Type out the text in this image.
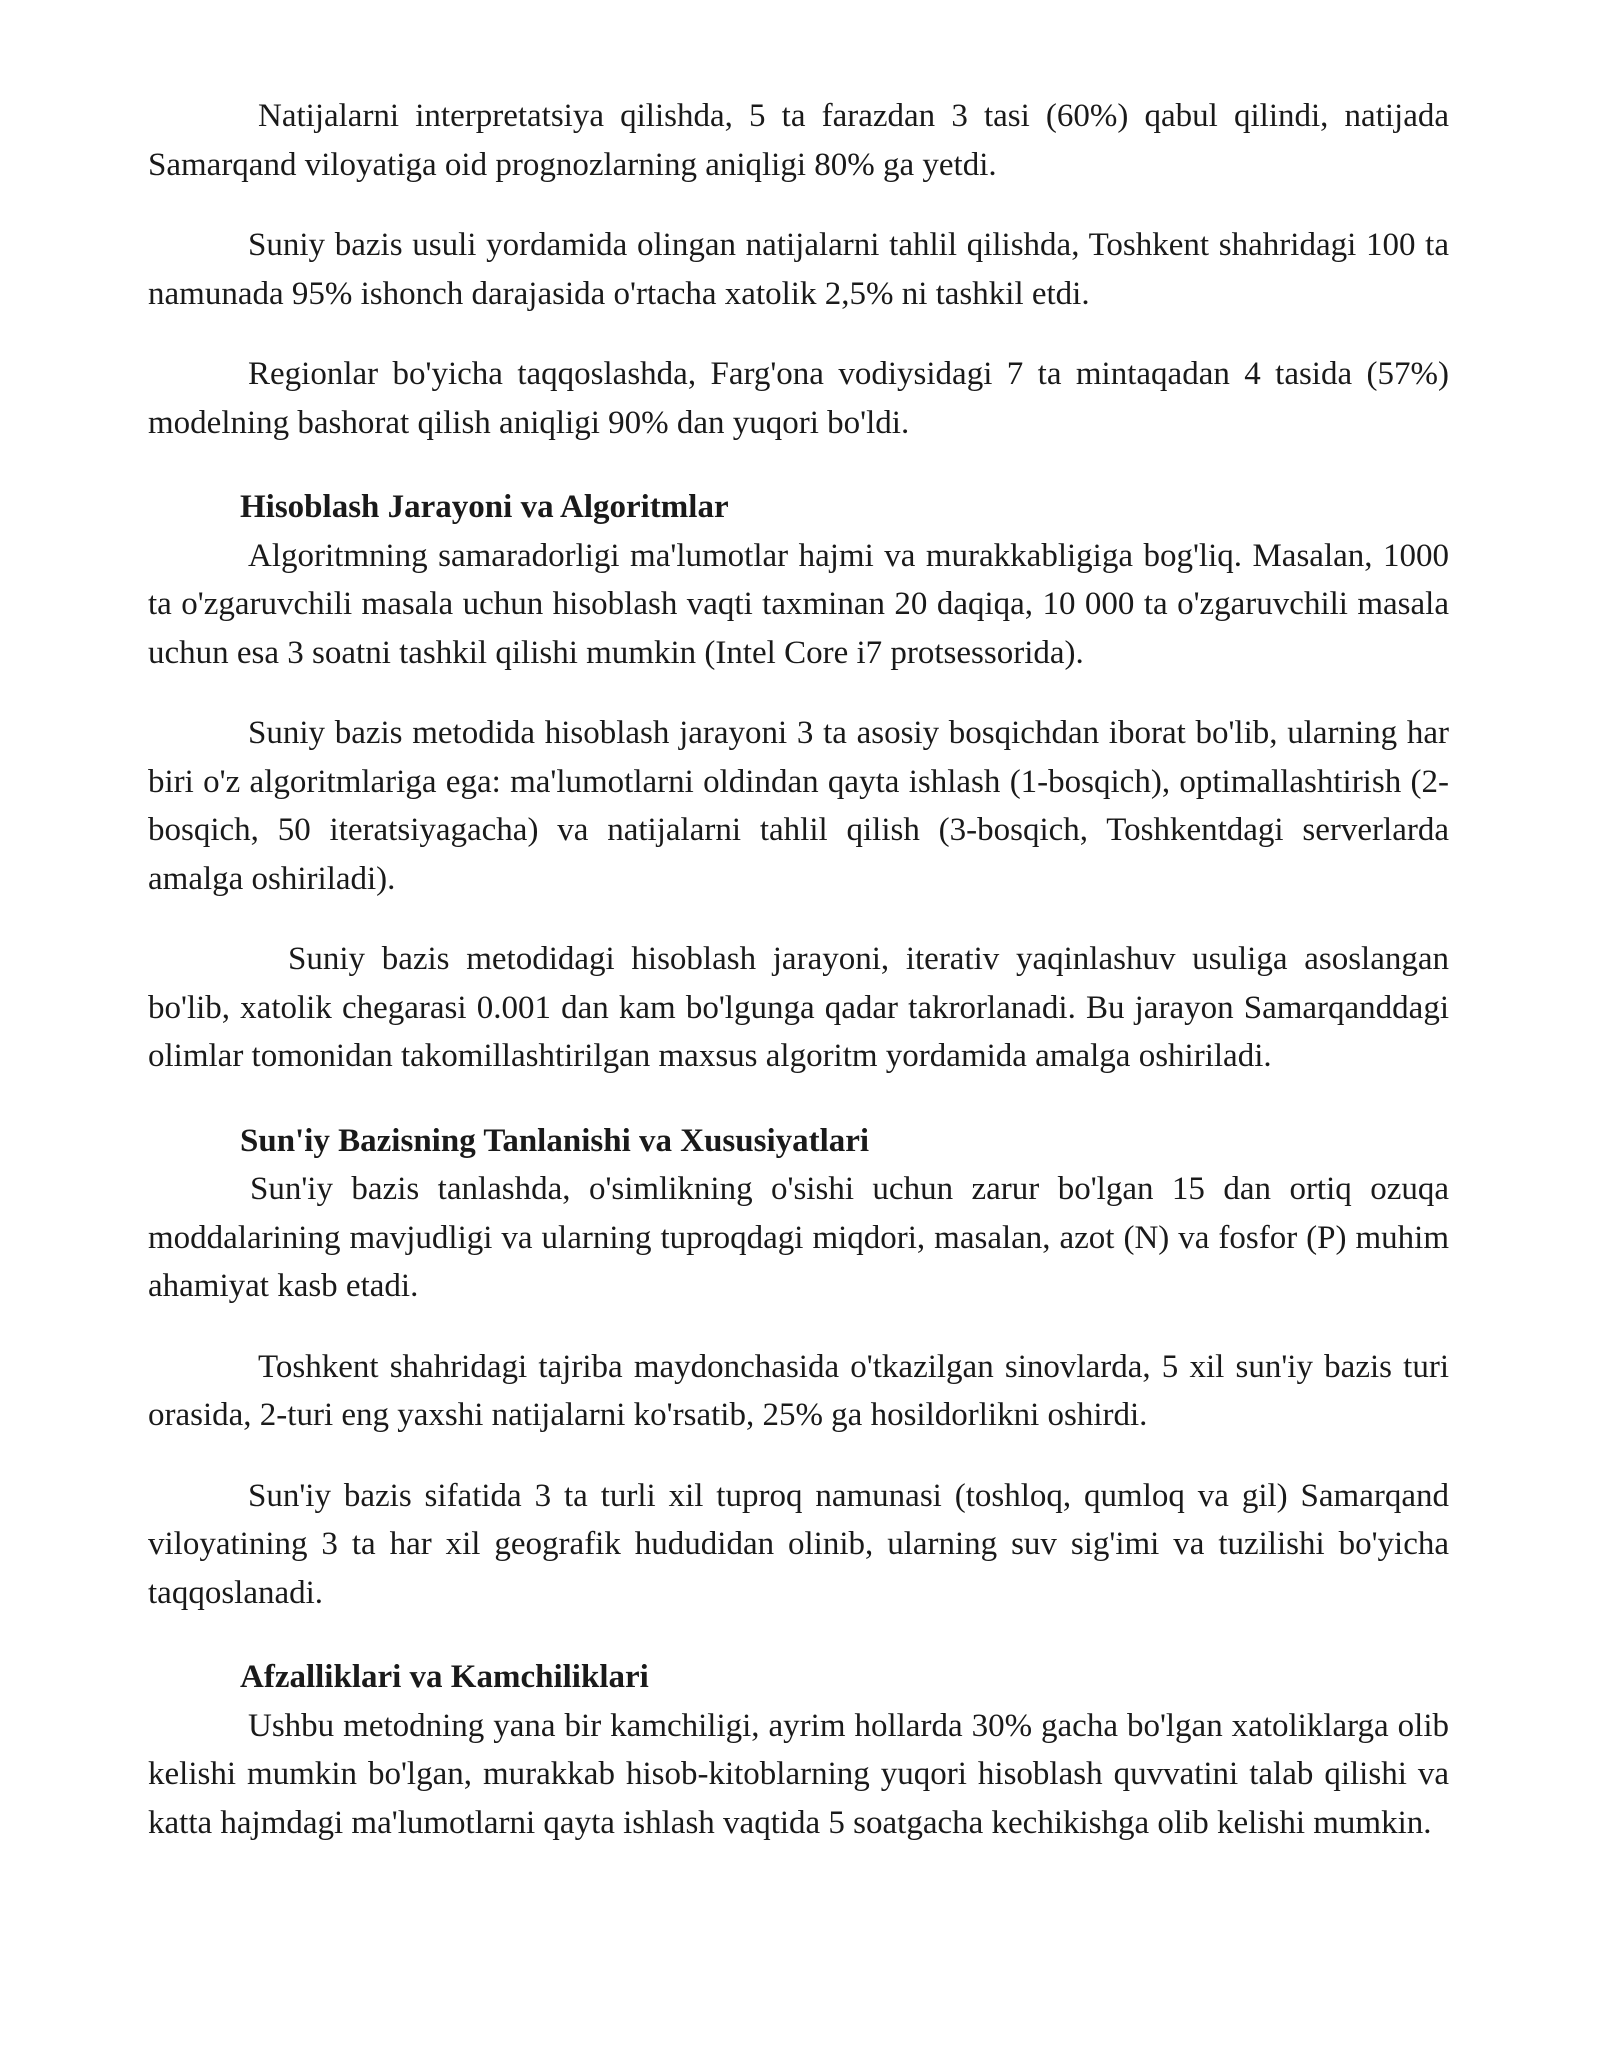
Natijalarni interpretatsiya qilishda, 5 ta farazdan 3 tasi (60%) qabul qilindi, natijada Samarqand viloyatiga oid prognozlarning aniqligi 80% ga yetdi.

Suniy bazis usuli yordamida olingan natijalarni tahlil qilishda, Toshkent shahridagi 100 ta namunada 95% ishonch darajasida o'rtacha xatolik 2,5% ni tashkil etdi.

Regionlar bo'yicha taqqoslashda, Farg'ona vodiysidagi 7 ta mintaqadan 4 tasida (57%) modelning bashorat qilish aniqligi 90% dan yuqori bo'ldi.

Hisoblash Jarayoni va Algoritmlar

Algoritmning samaradorligi ma'lumotlar hajmi va murakkabligiga bog'liq. Masalan, 1000 ta o'zgaruvchili masala uchun hisoblash vaqti taxminan 20 daqiqa, 10 000 ta o'zgaruvchili masala uchun esa 3 soatni tashkil qilishi mumkin (Intel Core i7 protsessorida).

Suniy bazis metodida hisoblash jarayoni 3 ta asosiy bosqichdan iborat bo'lib, ularning har biri o'z algoritmlariga ega: ma'lumotlarni oldindan qayta ishlash (1-bosqich), optimallashtirish (2-bosqich, 50 iteratsiyagacha) va natijalarni tahlil qilish (3-bosqich, Toshkentdagi serverlarda amalga oshiriladi).

Suniy bazis metodidagi hisoblash jarayoni, iterativ yaqinlashuv usuliga asoslangan bo'lib, xatolik chegarasi 0.001 dan kam bo'lgunga qadar takrorlanadi. Bu jarayon Samarqanddagi olimlar tomonidan takomillashtirilgan maxsus algoritm yordamida amalga oshiriladi.

Sun'iy Bazisning Tanlanishi va Xususiyatlari

Sun'iy bazis tanlashda, o'simlikning o'sishi uchun zarur bo'lgan 15 dan ortiq ozuqa moddalarining mavjudligi va ularning tuproqdagi miqdori, masalan, azot (N) va fosfor (P) muhim ahamiyat kasb etadi.

Toshkent shahridagi tajriba maydonchasida o'tkazilgan sinovlarda, 5 xil sun'iy bazis turi orasida, 2-turi eng yaxshi natijalarni ko'rsatib, 25% ga hosildorlikni oshirdi.

Sun'iy bazis sifatida 3 ta turli xil tuproq namunasi (toshloq, qumloq va gil) Samarqand viloyatining 3 ta har xil geografik hududidan olinib, ularning suv sig'imi va tuzilishi bo'yicha taqqoslanadi.

Afzalliklari va Kamchiliklari

Ushbu metodning yana bir kamchiligi, ayrim hollarda 30% gacha bo'lgan xatoliklarga olib kelishi mumkin bo'lgan, murakkab hisob-kitoblarning yuqori hisoblash quvvatini talab qilishi va katta hajmdagi ma'lumotlarni qayta ishlash vaqtida 5 soatgacha kechikishga olib kelishi mumkin.
